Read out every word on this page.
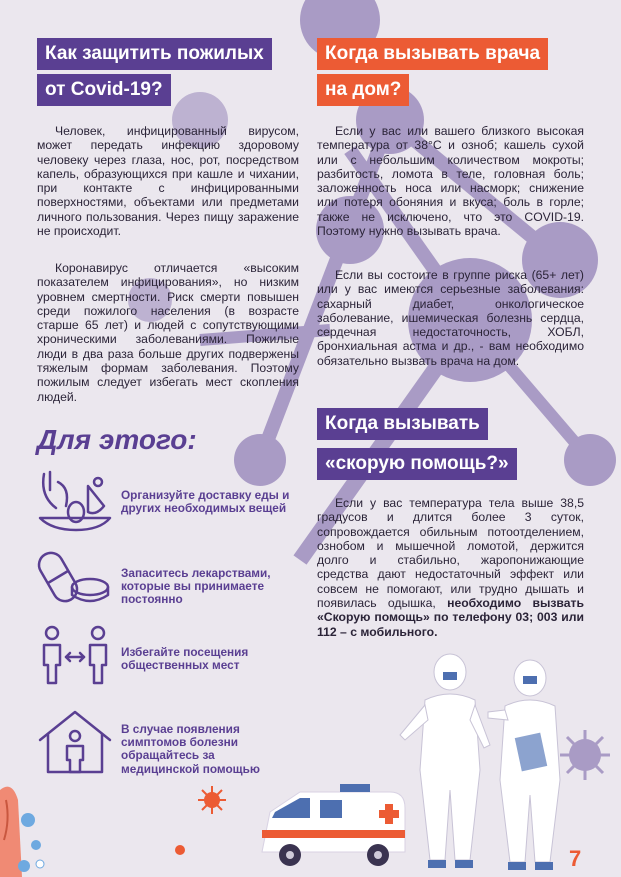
Как защитить пожилых
от Covid-19?

Человек, инфицированный вирусом, может передать инфекцию здоровому человеку через глаза, нос, рот, посредством капель, образующихся при кашле и чихании, при контакте с инфицированными поверхностями, объектами или предметами личного пользования. Через пищу заражение не происходит.

Коронавирус отличается «высоким показателем инфицирования», но низким уровнем смертности. Риск смерти повышен среди пожилого населения (в возрасте старше 65 лет) и людей с сопутствующими хроническими заболеваниями. Пожилые люди в два раза больше других подвержены тяжелым формам заболевания. Поэтому пожилым следует избегать мест скопления людей.

Для этого:
Организуйте доставку еды и других необходимых вещей
Запаситесь лекарствами, которые вы принимаете постоянно
Избегайте посещения общественных мест
В случае появления симптомов болезни обращайтесь за медицинской помощью
Когда вызывать врача
на дом?

Если у вас или вашего близкого высокая температура от 38°С и озноб; кашель сухой или с небольшим количеством мокроты; разбитость, ломота в теле, головная боль; заложенность носа или насморк; снижение или потеря обоняния и вкуса; боль в горле; также не исключено, что это COVID-19. Поэтому нужно вызывать врача.

Если вы состоите в группе риска (65+ лет) или у вас имеются серьезные заболевания: сахарный диабет, онкологическое заболевание, ишемическая болезнь сердца, сердечная недостаточность, ХОБЛ, бронхиальная астма и др., - вам необходимо обязательно вызвать врача на дом.

Когда вызывать
«скорую помощь?»

Если у вас температура тела выше 38,5 градусов и длится более 3 суток, сопровождается обильным потоотделением, ознобом и мышечной ломотой, держится долго и стабильно, жаропонижающие средства дают недостаточный эффект или совсем не помогают, или трудно дышать и появилась одышка, необходимо вызвать «Скорую помощь» по телефону 03; 003 или 112 – с мобильного.

7
